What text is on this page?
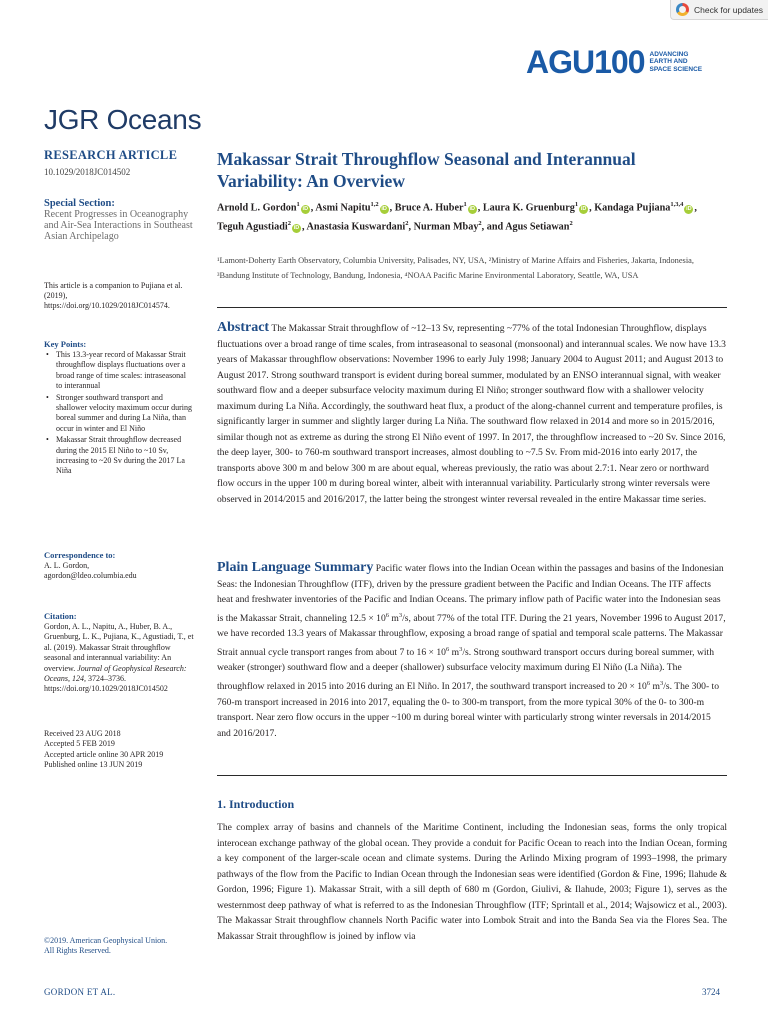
Check for updates
AGU100 ADVANCING
EARTH AND
SPACE SCIENCE
JGR Oceans
RESEARCH ARTICLE
10.1029/2018JC014502
Special Section:
Recent Progresses in Oceanography and Air-Sea Interactions in Southeast Asian Archipelago
This article is a companion to Pujiana et al. (2019), https://doi.org/10.1029/2018JC014574.
Key Points:
• This 13.3-year record of Makassar Strait throughflow displays fluctuations over a broad range of time scales: intraseasonal to interannual
• Stronger southward transport and shallower velocity maximum occur during boreal summer and during La Niña, than occur in winter and El Niño
• Makassar Strait throughflow decreased during the 2015 El Niño to ~10 Sv, increasing to ~20 Sv during the 2017 La Niña
Correspondence to:
A. L. Gordon,
agordon@ldeo.columbia.edu
Citation:
Gordon, A. L., Napitu, A., Huber, B. A., Gruenburg, L. K., Pujiana, K., Agustiadi, T., et al. (2019). Makassar Strait throughflow seasonal and interannual variability: An overview. Journal of Geophysical Research: Oceans, 124, 3724–3736. https://doi.org/10.1029/2018JC014502
Received 23 AUG 2018
Accepted 5 FEB 2019
Accepted article online 30 APR 2019
Published online 13 JUN 2019
©2019. American Geophysical Union.
All Rights Reserved.
Makassar Strait Throughflow Seasonal and Interannual Variability: An Overview
Arnold L. Gordon$^1$iD , Asmi Napitu$^{1,2}$iD , Bruce A. Huber$^1$iD , Laura K. Gruenburg$^1$iD , Kandaga Pujiana$^{1,3,4}$iD , Teguh Agustiadi$^2$iD , Anastasia Kuswardani$^2$, Nurman Mbay$^2$, and Agus Setiawan$^2$
¹Lamont-Doherty Earth Observatory, Columbia University, Palisades, NY, USA, ²Ministry of Marine Affairs and Fisheries, Jakarta, Indonesia, ³Bandung Institute of Technology, Bandung, Indonesia, ⁴NOAA Pacific Marine Environmental Laboratory, Seattle, WA, USA
Abstract The Makassar Strait throughflow of ~12–13 Sv, representing ~77% of the total Indonesian Throughflow, displays fluctuations over a broad range of time scales, from intraseasonal to seasonal (monsoonal) and interannual scales. We now have 13.3 years of Makassar throughflow observations: November 1996 to early July 1998; January 2004 to August 2011; and August 2013 to August 2017. Strong southward transport is evident during boreal summer, modulated by an ENSO interannual signal, with weaker southward flow and a deeper subsurface velocity maximum during El Niño; stronger southward flow with a shallower velocity maximum during La Niña. Accordingly, the southward heat flux, a product of the along-channel current and temperature profiles, is significantly larger in summer and slightly larger during La Niña. The southward flow relaxed in 2014 and more so in 2015/2016, similar though not as extreme as during the strong El Niño event of 1997. In 2017, the throughflow increased to ~20 Sv. Since 2016, the deep layer, 300- to 760-m southward transport increases, almost doubling to ~7.5 Sv. From mid-2016 into early 2017, the transports above 300 m and below 300 m are about equal, whereas previously, the ratio was about 2.7:1. Near zero or northward flow occurs in the upper 100 m during boreal winter, albeit with interannual variability. Particularly strong winter reversals were observed in 2014/2015 and 2016/2017, the latter being the strongest winter reversal revealed in the entire Makassar time series.
Plain Language Summary Pacific water flows into the Indian Ocean within the passages and basins of the Indonesian Seas: the Indonesian Throughflow (ITF), driven by the pressure gradient between the Pacific and Indian Oceans. The ITF affects heat and freshwater inventories of the Pacific and Indian Oceans. The primary inflow path of Pacific water into the Indonesian seas is the Makassar Strait, channeling $12.5 \times 10^6$ $m^3/s$, about 77% of the total ITF. During the 21 years, November 1996 to August 2017, we have recorded 13.3 years of Makassar throughflow, exposing a broad range of spatial and temporal scale patterns. The Makassar Strait annual cycle transport ranges from about 7 to $16 \times 10^6$ $m^3/s$. Strong southward transport occurs during boreal summer, with weaker (stronger) southward flow and a deeper (shallower) subsurface velocity maximum during El Niño (La Niña). The throughflow relaxed in 2015 into 2016 during an El Niño. In 2017, the southward transport increased to $20 \times 10^6$ $m^3/s$. The 300- to 760-m transport increased in 2016 into 2017, equaling the 0- to 300-m transport, from the more typical 30% of the 0- to 300-m transport. Near zero flow occurs in the upper ~100 m during boreal winter with particularly strong winter reversals in 2014/2015 and 2016/2017.
1. Introduction
The complex array of basins and channels of the Maritime Continent, including the Indonesian seas, forms the only tropical interocean exchange pathway of the global ocean. They provide a conduit for Pacific Ocean to reach into the Indian Ocean, forming a key component of the larger-scale ocean and climate systems. During the Arlindo Mixing program of 1993–1998, the primary pathways of the flow from the Pacific to Indian Ocean through the Indonesian seas were identified (Gordon & Fine, 1996; Ilahude & Gordon, 1996; Figure 1). Makassar Strait, with a sill depth of 680 m (Gordon, Giulivi, & Ilahude, 2003; Figure 1), serves as the westernmost deep pathway of what is referred to as the Indonesian Throughflow (ITF; Sprintall et al., 2014; Wajsowicz et al., 2003). The Makassar Strait throughflow channels North Pacific water into Lombok Strait and into the Banda Sea via the Flores Sea. The Makassar Strait throughflow is joined by inflow via
GORDON ET AL.	3724
